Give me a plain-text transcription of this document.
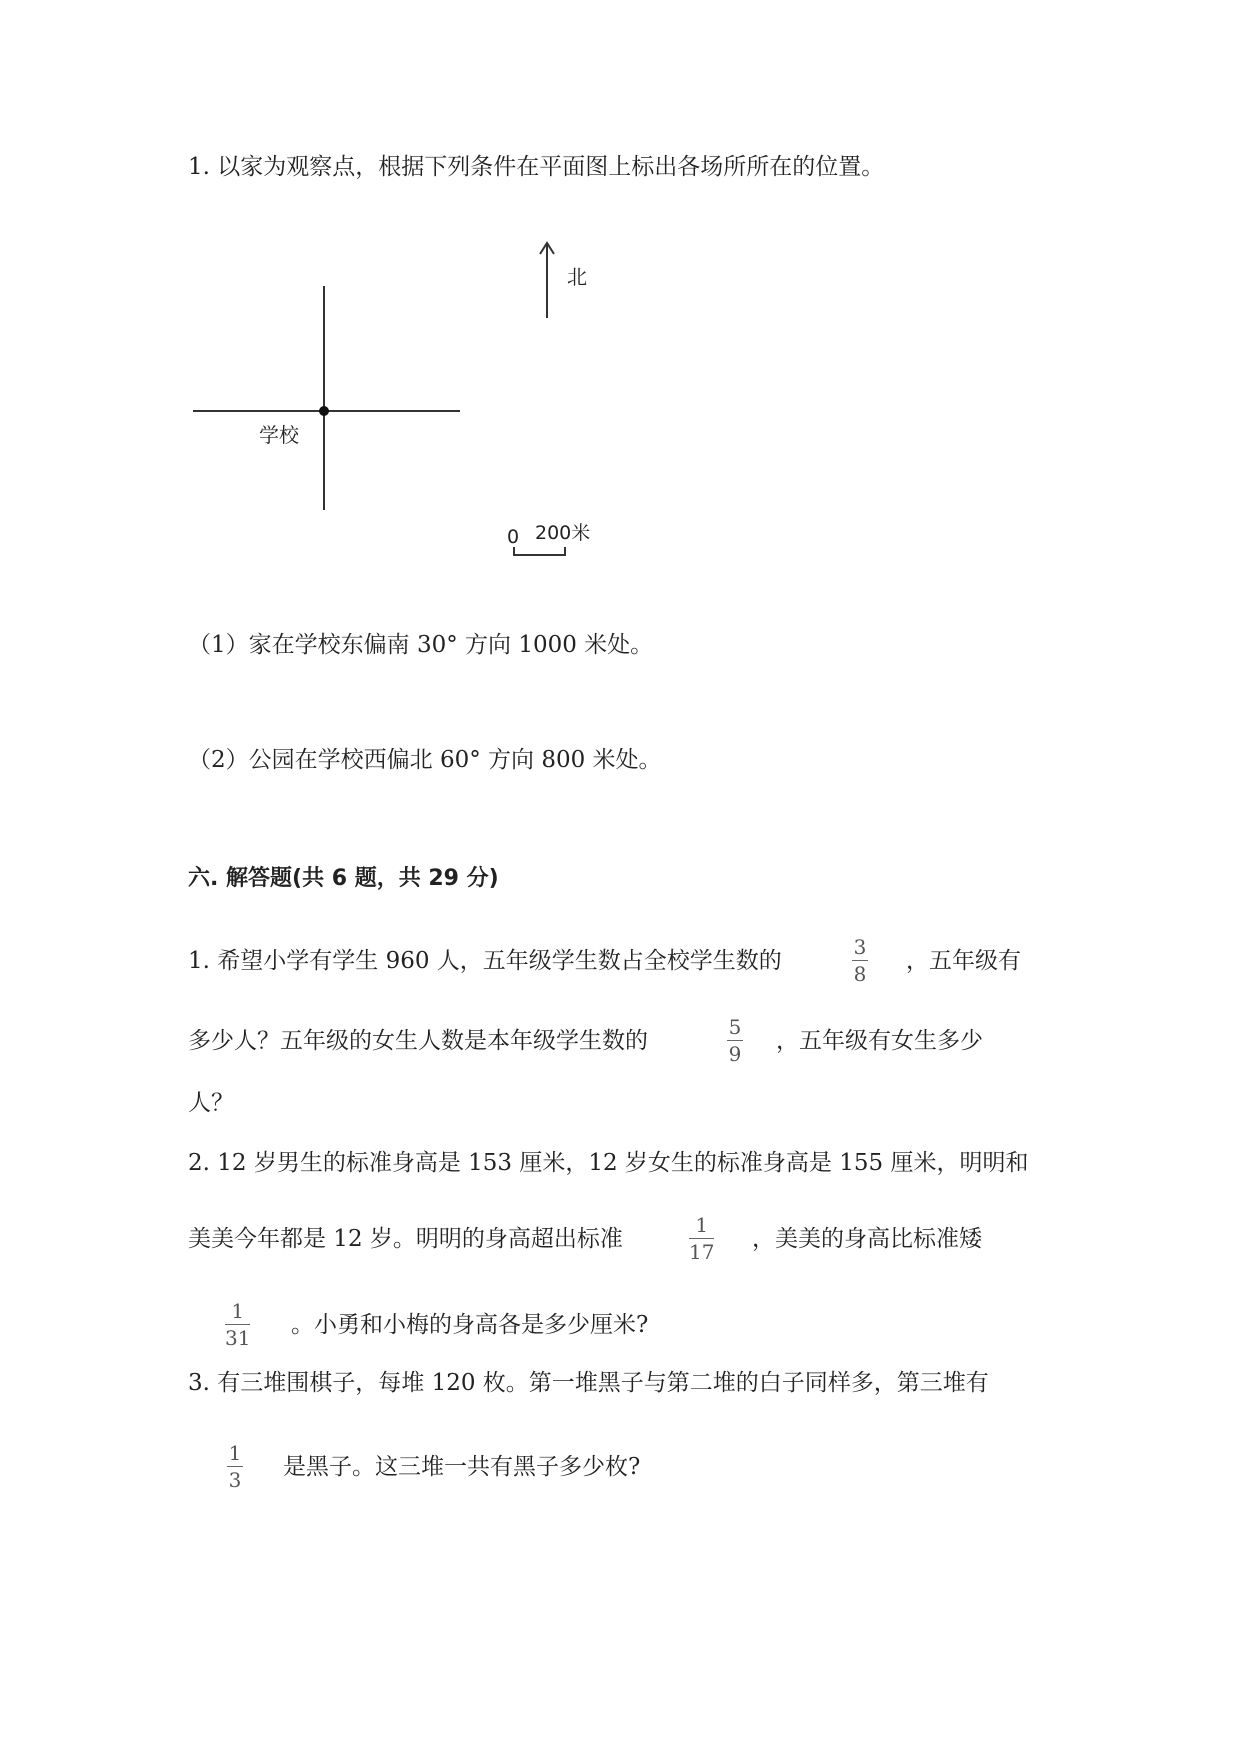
1. 以家为观察点，根据下列条件在平面图上标出各场所所在的位置。
北
学校
0 200米
（1）家在学校东偏南 30° 方向 1000 米处。
（2）公园在学校西偏北 60° 方向 800 米处。
六. 解答题(共 6 题，共 29 分)
1. 希望小学有学生 960 人，五年级学生数占全校学生数的
3
8 ，五年级有
多少人？五年级的女生人数是本年级学生数的
5
9 ，五年级有女生多少
人？
2. 12 岁男生的标准身高是 153 厘米，12 岁女生的标准身高是 155 厘米，明明和
美美今年都是 12 岁。明明的身高超出标准
1
17 ，美美的身高比标准矮
1
31 。小勇和小梅的身高各是多少厘米?
3. 有三堆围棋子，每堆 120 枚。第一堆黑子与第二堆的白子同样多，第三堆有
1
3 是黑子。这三堆一共有黑子多少枚?
